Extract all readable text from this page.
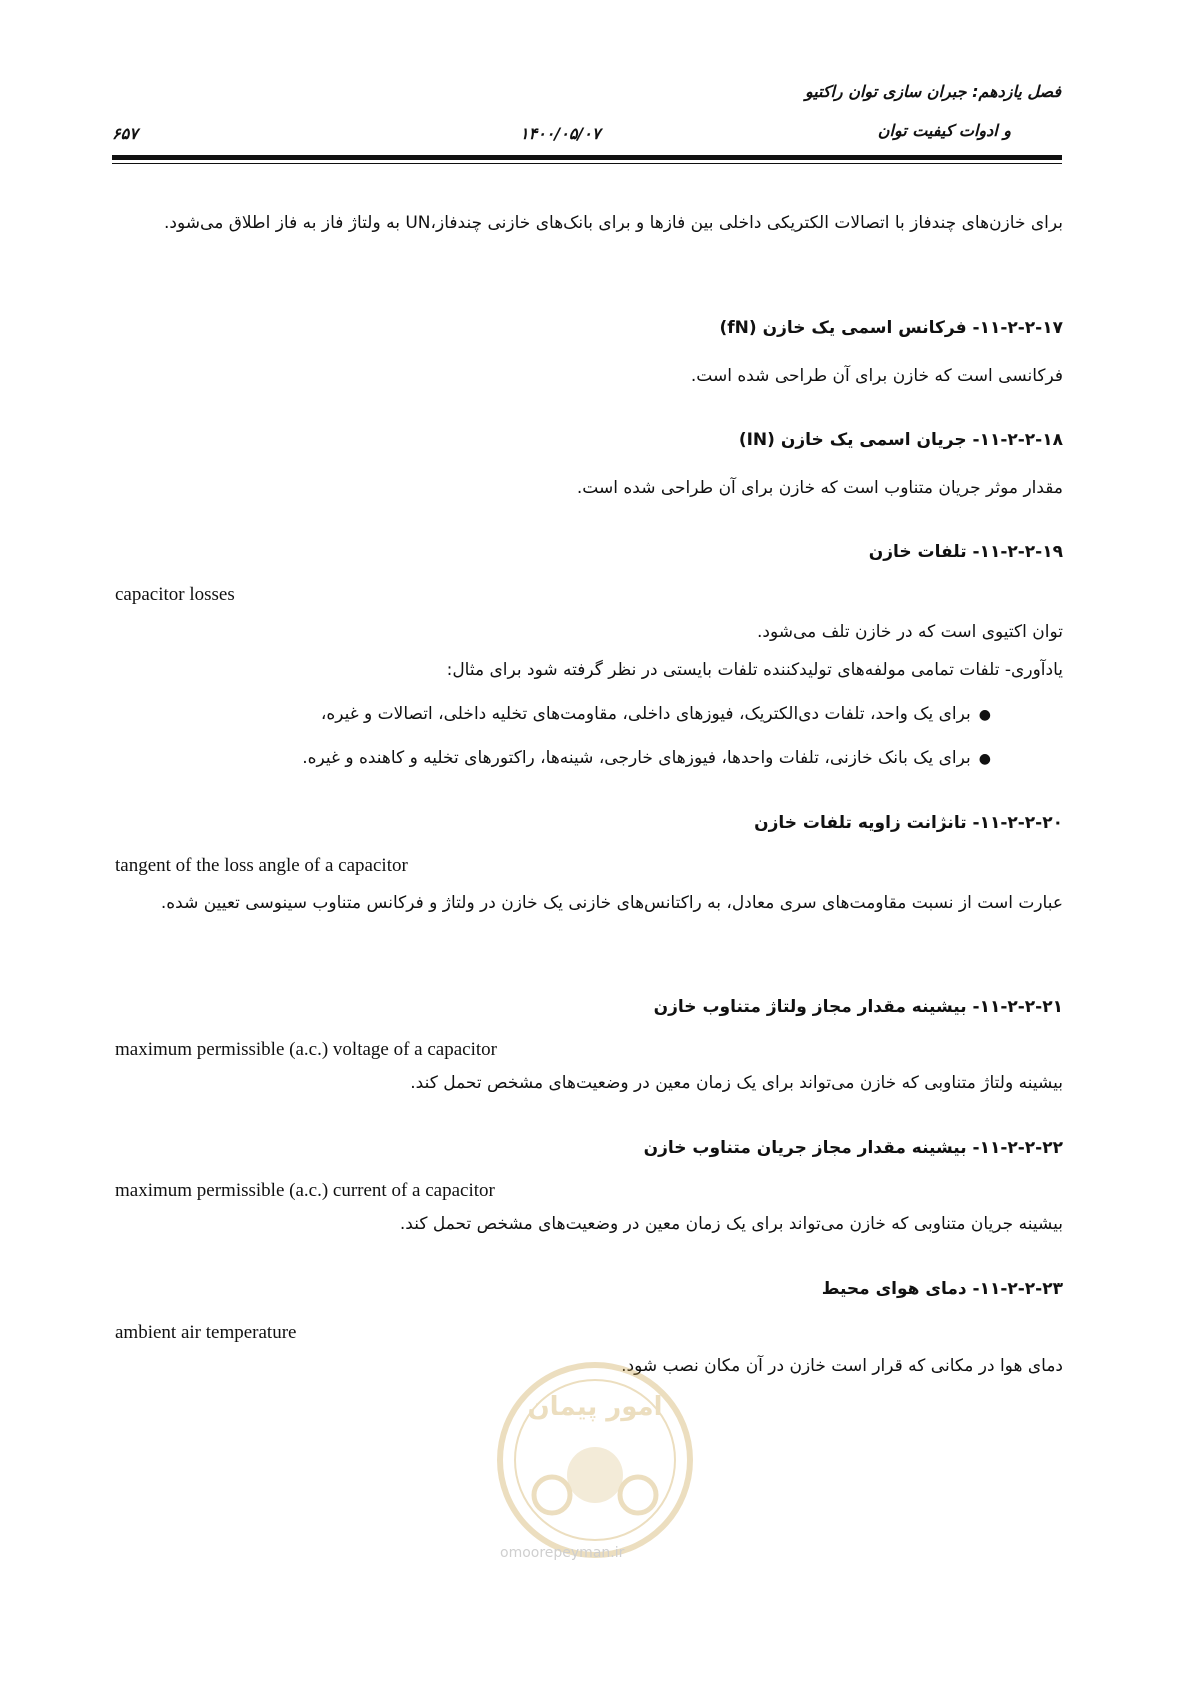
فصل یازدهم: جبران سازی توان راکتیو
و ادوات کیفیت توان
۱۴۰۰/۰۵/۰۷
۶۵۷
برای خازن‌های چندفاز با اتصالات الکتریکی داخلی بین فازها و برای بانک‌های خازنی چندفاز،UN به ولتاژ فاز به فاز اطلاق می‌شود.
۱۱-۲-۲-۱۷- فرکانس اسمی یک خازن (fN)
فرکانسی است که خازن برای آن طراحی شده است.
۱۱-۲-۲-۱۸- جریان اسمی یک خازن (IN)
مقدار موثر جریان متناوب است که خازن برای آن طراحی شده است.
۱۱-۲-۲-۱۹- تلفات خازن
capacitor losses
توان اکتیوی است که در خازن تلف می‌شود.
یادآوری- تلفات تمامی مولفه‌های تولیدکننده تلفات بایستی در نظر گرفته شود برای مثال:
●برای یک واحد، تلفات دی‌الکتریک، فیوزهای داخلی، مقاومت‌های تخلیه داخلی، اتصالات و غیره،
●برای یک بانک خازنی، تلفات واحدها، فیوزهای خارجی، شینه‌ها، راکتورهای تخلیه و کاهنده و غیره.
۱۱-۲-۲-۲۰- تانژانت زاویه تلفات خازن
tangent of the loss angle of a capacitor
عبارت است از نسبت مقاومت‌های سری معادل، به راکتانس‌های خازنی یک خازن در ولتاژ و فرکانس متناوب سینوسی تعیین شده.
۱۱-۲-۲-۲۱- بیشینه مقدار مجاز ولتاژ متناوب خازن
maximum permissible (a.c.) voltage of a capacitor
بیشینه ولتاژ متناوبی که خازن می‌تواند برای یک زمان معین در وضعیت‌های مشخص تحمل کند.
۱۱-۲-۲-۲۲- بیشینه مقدار مجاز جریان متناوب خازن
maximum permissible (a.c.) current of a capacitor
بیشینه جریان متناوبی که خازن می‌تواند برای یک زمان معین در وضعیت‌های مشخص تحمل کند.
۱۱-۲-۲-۲۳- دمای هوای محیط
ambient air temperature
دمای هوا در مکانی که قرار است خازن در آن مکان نصب شود.
امور پیمان
omoorepeyman.ir
